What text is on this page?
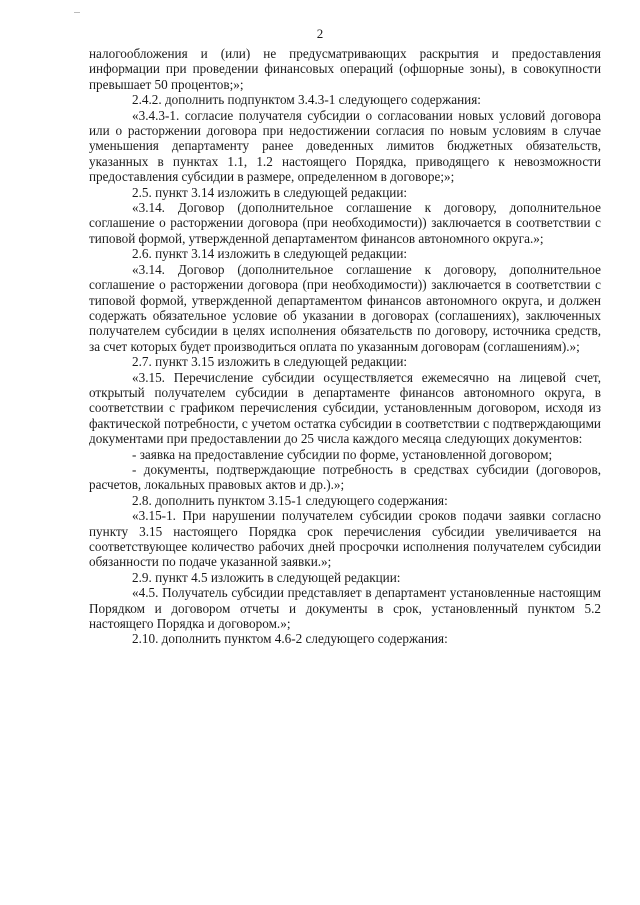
2

налогообложения и (или) не предусматривающих раскрытия и предоставления информации при проведении финансовых операций (офшорные зоны), в совокупности превышает 50 процентов;»;

2.4.2. дополнить подпунктом 3.4.3-1 следующего содержания:

«3.4.3-1. согласие получателя субсидии о согласовании новых условий договора или о расторжении договора при недостижении согласия по новым условиям в случае уменьшения департаменту ранее доведенных лимитов бюджетных обязательств, указанных в пунктах 1.1, 1.2 настоящего Порядка, приводящего к невозможности предоставления субсидии в размере, определенном в договоре;»;

2.5. пункт 3.14 изложить в следующей редакции:

«3.14. Договор (дополнительное соглашение к договору, дополнительное соглашение о расторжении договора (при необходимости)) заключается в соответствии с типовой формой, утвержденной департаментом финансов автономного округа.»;

2.6. пункт 3.14 изложить в следующей редакции:

«3.14. Договор (дополнительное соглашение к договору, дополнительное соглашение о расторжении договора (при необходимости)) заключается в соответствии с типовой формой, утвержденной департаментом финансов автономного округа, и должен содержать обязательное условие об указании в договорах (соглашениях), заключенных получателем субсидии в целях исполнения обязательств по договору, источника средств, за счет которых будет производиться оплата по указанным договорам (соглашениям).»;

2.7. пункт 3.15 изложить в следующей редакции:

«3.15. Перечисление субсидии осуществляется ежемесячно на лицевой счет, открытый получателем субсидии в департаменте финансов автономного округа, в соответствии с графиком перечисления субсидии, установленным договором, исходя из фактической потребности, с учетом остатка субсидии в соответствии с подтверждающими документами при предоставлении до 25 числа каждого месяца следующих документов:

- заявка на предоставление субсидии по форме, установленной договором;

- документы, подтверждающие потребность в средствах субсидии (договоров, расчетов, локальных правовых актов и др.).»;

2.8. дополнить пунктом 3.15-1 следующего содержания:

«3.15-1. При нарушении получателем субсидии сроков подачи заявки согласно пункту 3.15 настоящего Порядка срок перечисления субсидии увеличивается на соответствующее количество рабочих дней просрочки исполнения получателем субсидии обязанности по подаче указанной заявки.»;

2.9. пункт 4.5 изложить в следующей редакции:

«4.5. Получатель субсидии представляет в департамент установленные настоящим Порядком и договором отчеты и документы в срок, установленный пунктом 5.2 настоящего Порядка и договором.»;

2.10. дополнить пунктом 4.6-2 следующего содержания:
